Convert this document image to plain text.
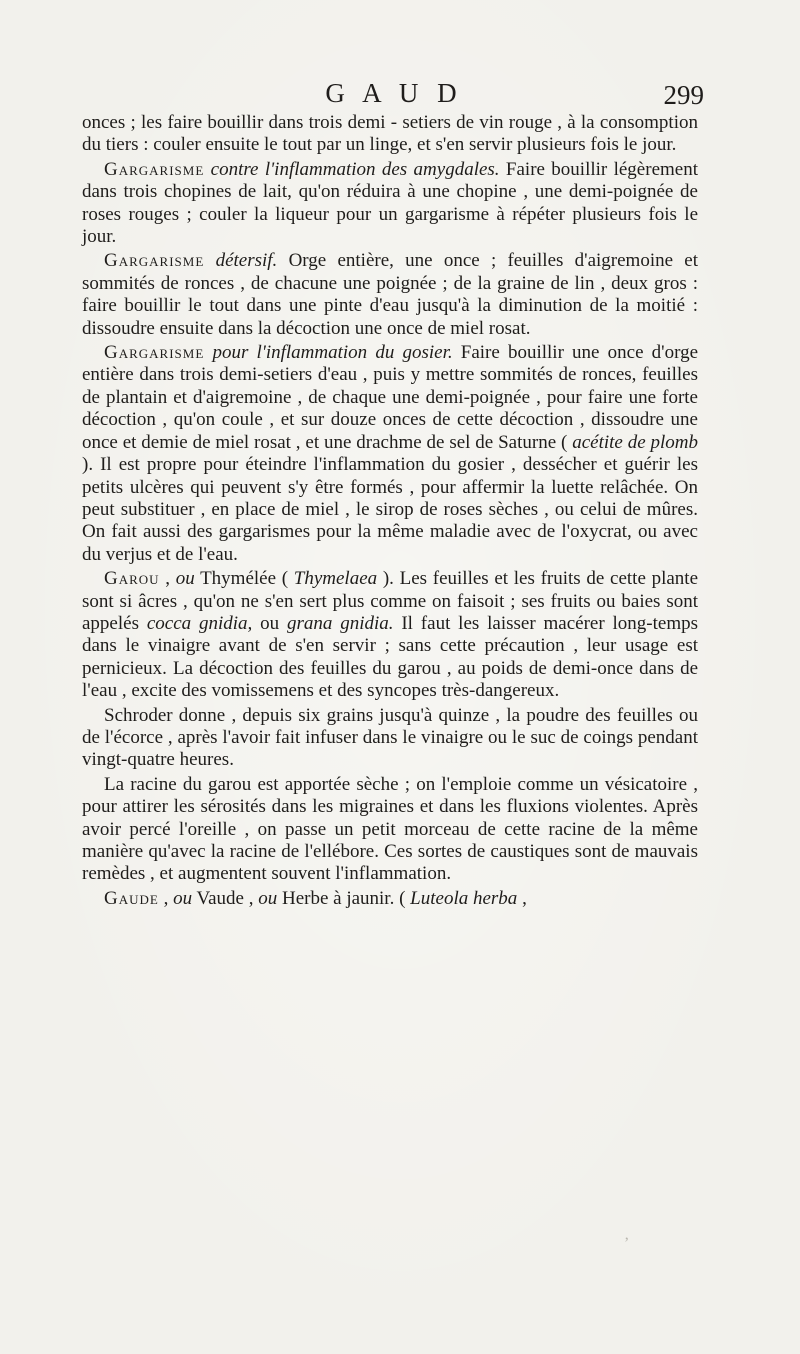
G A U D	299

onces ; les faire bouillir dans trois demi - setiers de vin rouge , à la consomption du tiers : couler ensuite le tout par un linge, et s'en servir plusieurs fois le jour.

Gargarisme contre l'inflammation des amygdales. Faire bouillir légèrement dans trois chopines de lait, qu'on réduira à une chopine , une demi-poignée de roses rouges ; couler la liqueur pour un gargarisme à répéter plusieurs fois le jour.

Gargarisme détersif. Orge entière, une once ; feuilles d'aigremoine et sommités de ronces , de chacune une poignée ; de la graine de lin , deux gros : faire bouillir le tout dans une pinte d'eau jusqu'à la diminution de la moitié : dissoudre ensuite dans la décoction une once de miel rosat.

Gargarisme pour l'inflammation du gosier. Faire bouillir une once d'orge entière dans trois demi-setiers d'eau , puis y mettre sommités de ronces, feuilles de plantain et d'aigremoine , de chaque une demi-poignée , pour faire une forte décoction , qu'on coule , et sur douze onces de cette décoction , dissoudre une once et demie de miel rosat , et une drachme de sel de Saturne ( acétite de plomb ). Il est propre pour éteindre l'inflammation du gosier , dessécher et guérir les petits ulcères qui peuvent s'y être formés , pour affermir la luette relâchée. On peut substituer , en place de miel , le sirop de roses sèches , ou celui de mûres. On fait aussi des gargarismes pour la même maladie avec de l'oxycrat, ou avec du verjus et de l'eau.

Garou , ou Thymélée ( Thymelaea ). Les feuilles et les fruits de cette plante sont si âcres , qu'on ne s'en sert plus comme on faisoit ; ses fruits ou baies sont appelés cocca gnidia, ou grana gnidia. Il faut les laisser macérer long-temps dans le vinaigre avant de s'en servir ; sans cette précaution , leur usage est pernicieux. La décoction des feuilles du garou , au poids de demi-once dans de l'eau , excite des vomissemens et des syncopes très-dangereux.

Schroder donne , depuis six grains jusqu'à quinze , la poudre des feuilles ou de l'écorce , après l'avoir fait infuser dans le vinaigre ou le suc de coings pendant vingt-quatre heures.

La racine du garou est apportée sèche ; on l'emploie comme un vésicatoire , pour attirer les sérosités dans les migraines et dans les fluxions violentes. Après avoir percé l'oreille , on passe un petit morceau de cette racine de la même manière qu'avec la racine de l'ellébore. Ces sortes de caustiques sont de mauvais remèdes , et augmentent souvent l'inflammation.

Gaude , ou Vaude , ou Herbe à jaunir. ( Luteola herba ,

‚
